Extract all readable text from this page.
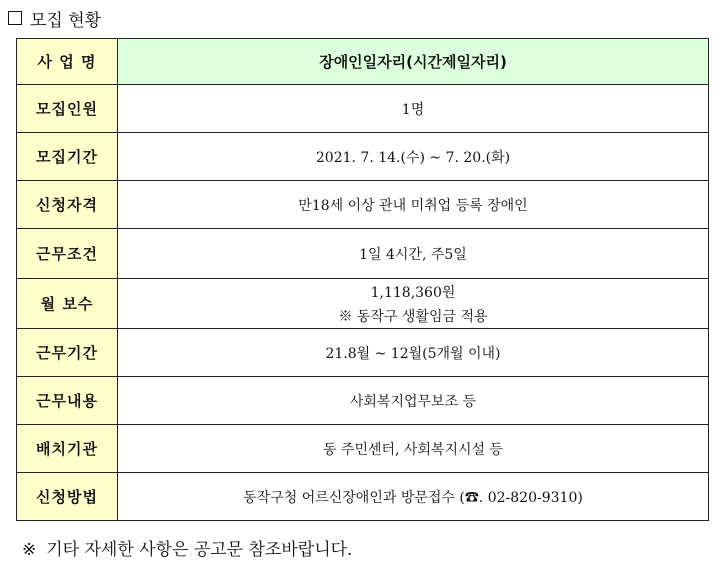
모집 현황
사 업 명	장애인일자리(시간제일자리)
모집인원	1명
모집기간	2021. 7. 14.(수) ~ 7. 20.(화)
신청자격	만18세 이상 관내 미취업 등록 장애인
근무조건	1일 4시간, 주5일
월 보수	1,118,360원
※ 동작구 생활임금 적용

근무기간	21.8월 ~ 12월(5개월 이내)
근무내용	사회복지업무보조 등
배치기관	동 주민센터, 사회복지시설 등
신청방법	동작구청 어르신장애인과 방문접수 (☎. 02-820-9310)
※ 기타 자세한 사항은 공고문 참조바랍니다.
